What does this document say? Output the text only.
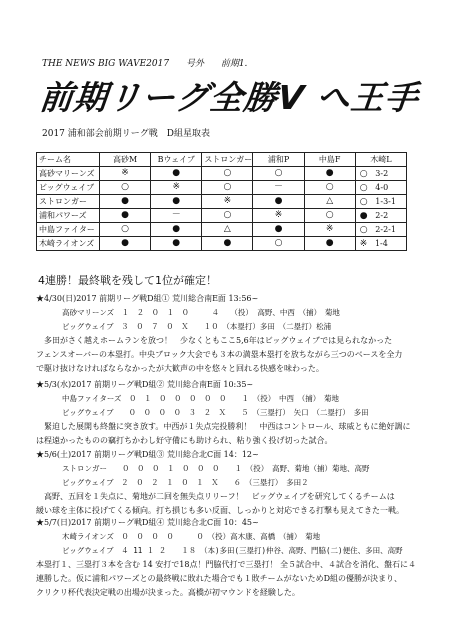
THE NEWS BIG WAVE2017 号外 前期1.
前期リーグ全勝V へ王手
2017 浦和部会前期リーグ戦　D組星取表
チーム名	高砂M	Bウェイブ	ストロンガー	浦和P	中島F	木崎L
高砂マリーンズ	※	●	○	○	●	○ 3-2
ビッグウェイブ	○	※	○	－	○	○ 4-0
ストロンガー	●	●	※	●	△	○ 1-3-1
浦和パワーズ	●	－	○	※	○	● 2-2
中島ファイター	○	●	△	●	※	○ 2-2-1
木崎ライオンズ	●	●	●	○	●	※ 1-4
4連勝！最終戦を残して1位が確定！
★4/30(日)2017 前期リーグ戦D組① 荒川総合南E面 13:56~
高砂マリーンズ　１　２　０　１　０　　　４　　（投） 高野、中西　（捕）　菊地
ビッグウェイブ　３　０　７　０　Ｘ　　１０　（本塁打）多田　（二塁打）松浦
多田がさく越えホームランを放つ！　少なくともここ5,6年はビッグウェイブでは見られなかった
フェンスオーバーの本塁打。中央ブロック大会でも３本の満塁本塁打を放ちながら三つのベースを全力
で駆け抜けなければならなかったが大歓声の中を悠々と回れる快感を味わった。
★5/3(水)2017 前期リーグ戦D組② 荒川総合南E面 10:35~
中島ファイターズ　０　１　０　０　０　０　０　　１　（投）　中西　（捕）　菊地
ビッグウェイブ　　０　０　０　０　３　２　Ｘ　　５　（三塁打）　矢口　（二塁打）　多田
緊迫した展開も終盤に突き放す。中西が１失点完投勝利！　中西はコントロール、球威ともに絶好調に
は程遠かったものの竊打ちかわし好守備にも助けられ、粘り強く投げ切った試合。
★5/6(土)2017 前期リーグ戦D組③ 荒川総合北C面 14：12~
ストロンガー　　０　０　０　１　０　０　０　　１　（投）　高野、菊地（捕）菊地、高野
ビッグウェイブ　２　０　２　１　０　１　Ｘ　　６　（三塁打）　多田２
高野、五回を１失点に、菊地が二回を無失点リリーフ！　ビッグウェイブを研究してくるチームは
緩い球を主体に投げてくる傾向。打ち損じも多い反面、しっかりと対応できる打撃も見えてきた一戦。
★5/7(日)2017 前期リーグ戦D組④ 荒川総合北C面 10：45~
木崎ライオンズ　０　０　０　０　　　０　（投）高木康、高橋　（捕）　菊地
ビッグウェイブ　４ 11 １ ２　　１８　（本)多田(三塁打)仲谷、高野、門脇(二)便住、多田、高野
本塁打１、三塁打３本を含む 14 安打で18点！門脇代打で三塁打！ 全５試合中、４試合を消化、盤石に４
連勝した。仮に浦和パワーズとの最終戦に敗れた場合でも１敗チームがないためD組の優勝が決まり、
クリクリ杯代表決定戦の出場が決まった。高橋が初マウンドを経験した。
